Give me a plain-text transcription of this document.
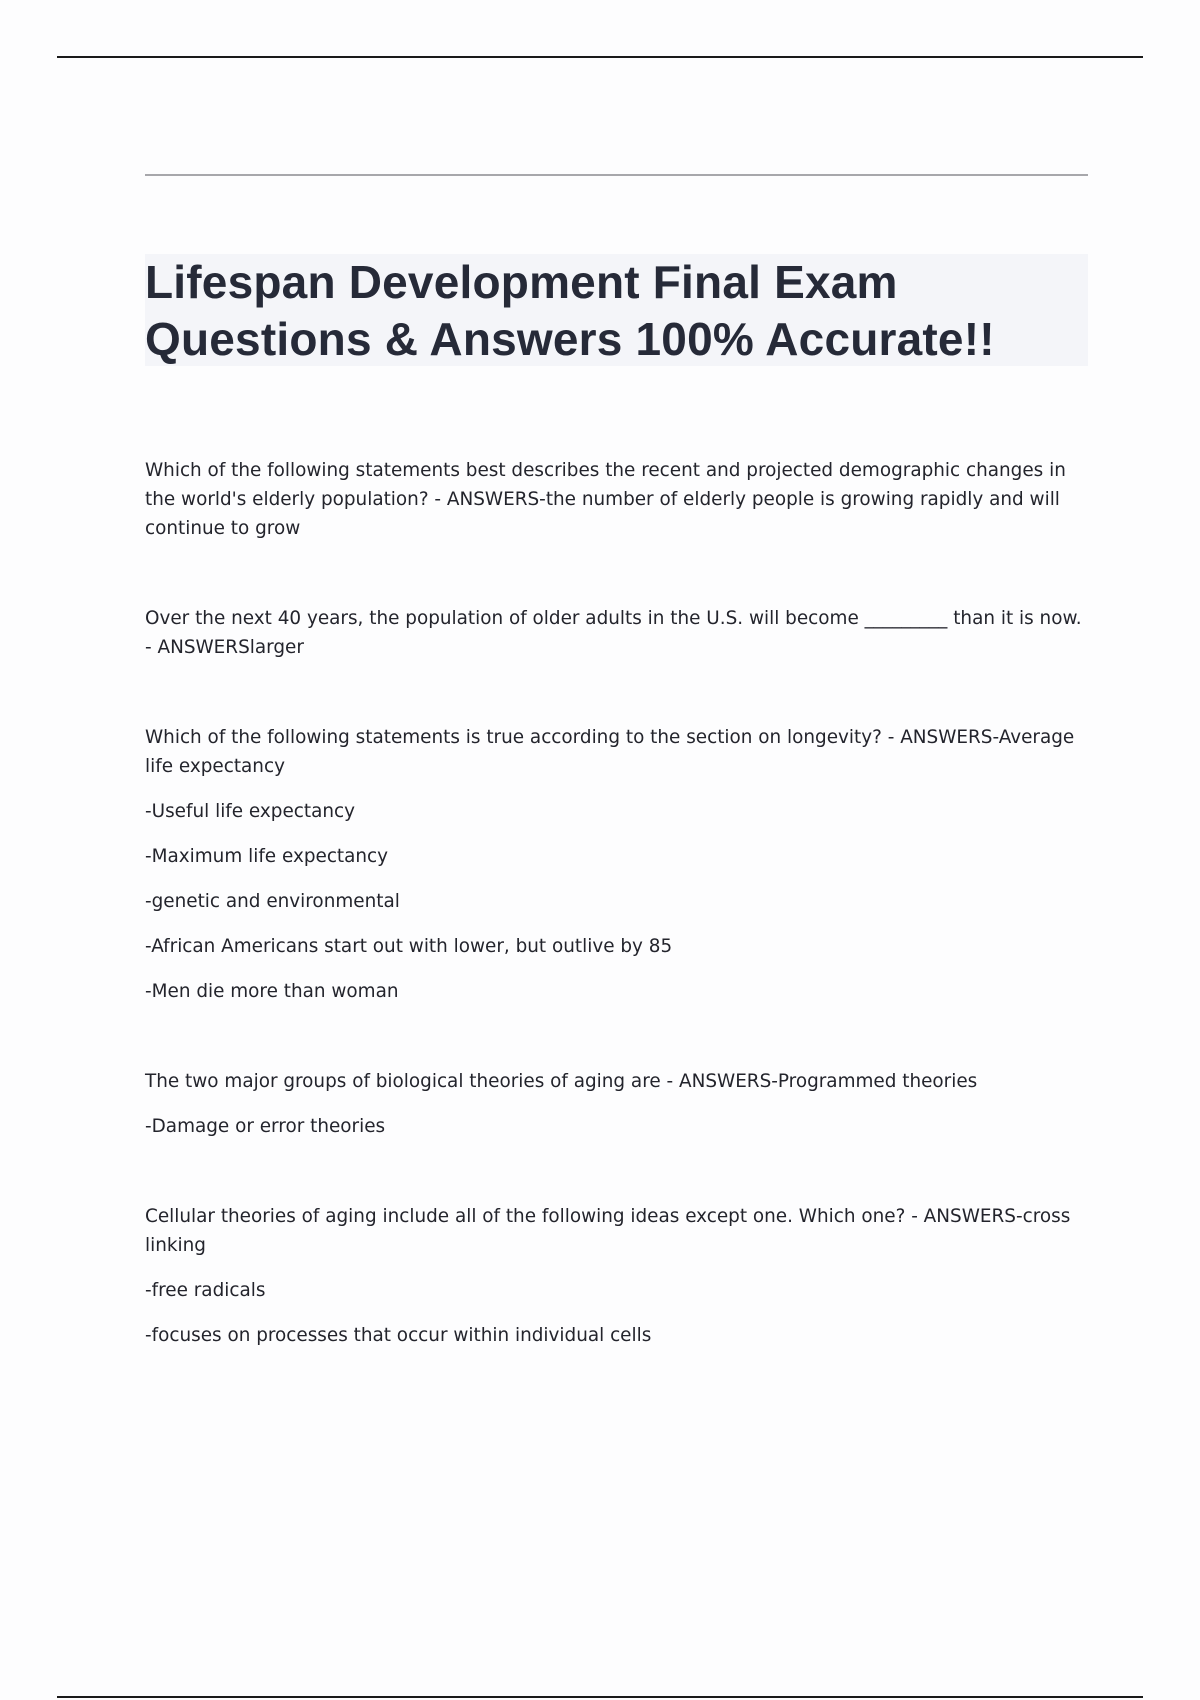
Lifespan Development Final Exam
Questions & Answers 100% Accurate!!

Which of the following statements best describes the recent and projected demographic changes in the world's elderly population? - ANSWERS-the number of elderly people is growing rapidly and will continue to grow

Over the next 40 years, the population of older adults in the U.S. will become _________ than it is now. - ANSWERSlarger

Which of the following statements is true according to the section on longevity? - ANSWERS-Average life expectancy

-Useful life expectancy

-Maximum life expectancy

-genetic and environmental

-African Americans start out with lower, but outlive by 85

-Men die more than woman

The two major groups of biological theories of aging are - ANSWERS-Programmed theories

-Damage or error theories

Cellular theories of aging include all of the following ideas except one. Which one? - ANSWERS-cross linking

-free radicals

-focuses on processes that occur within individual cells
